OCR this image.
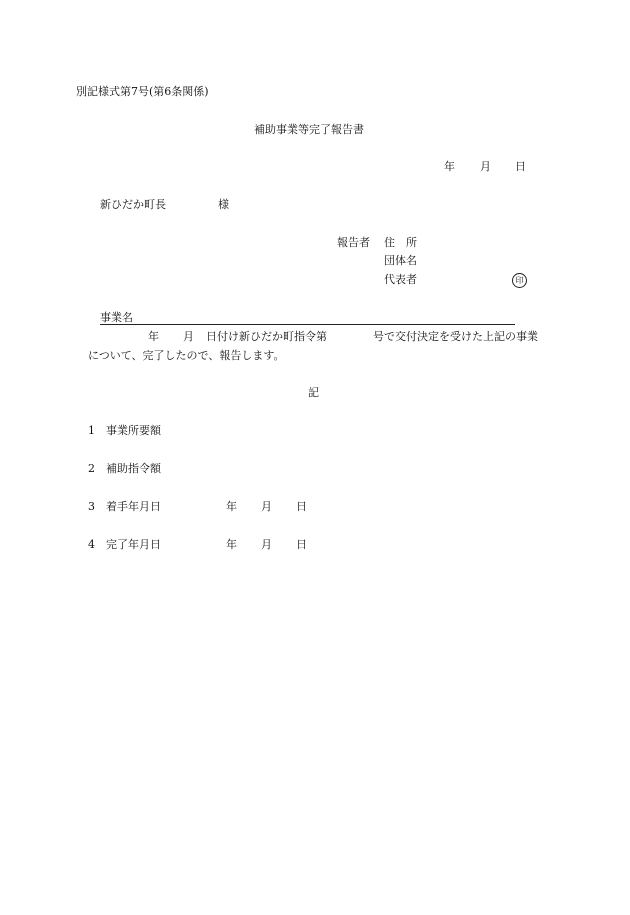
別記様式第7号(第6条関係)
補助事業等完了報告書
年 月 日
新ひだか町長	様
報告者 住　所
団体名
代表者	印
事業名
年 月 日付け新ひだか町指令第	号で交付決定を受けた上記の事業
について、完了したので、報告します。
記
1 事業所要額
2 補助指令額
3 着手年月日	年 月 日
4 完了年月日	年 月 日
